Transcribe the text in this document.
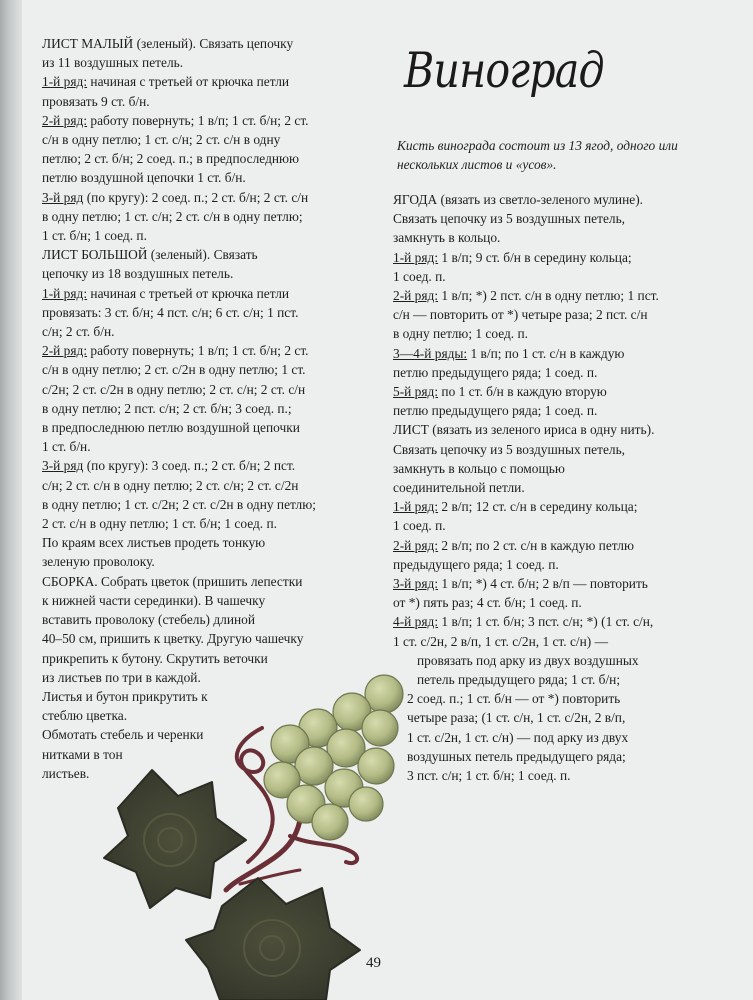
ЛИСТ МАЛЫЙ (зеленый). Связать цепочку

из 11 воздушных петель.

1-й ряд: начиная с третьей от крючка петли

провязать 9 ст. б/н.

2-й ряд: работу повернуть; 1 в/п; 1 ст. б/н; 2 ст.

с/н в одну петлю; 1 ст. с/н; 2 ст. с/н в одну

петлю; 2 ст. б/н; 2 соед. п.; в предпоследнюю

петлю воздушной цепочки 1 ст. б/н.

3-й ряд (по кругу): 2 соед. п.; 2 ст. б/н; 2 ст. с/н

в одну петлю; 1 ст. с/н; 2 ст. с/н в одну петлю;

1 ст. б/н; 1 соед. п.

ЛИСТ БОЛЬШОЙ (зеленый). Связать

цепочку из 18 воздушных петель.

1-й ряд: начиная с третьей от крючка петли

провязать: 3 ст. б/н; 4 пст. с/н; 6 ст. с/н; 1 пст.

с/н; 2 ст. б/н.

2-й ряд: работу повернуть; 1 в/п; 1 ст. б/н; 2 ст.

с/н в одну петлю; 2 ст. с/2н в одну петлю; 1 ст.

с/2н; 2 ст. с/2н в одну петлю; 2 ст. с/н; 2 ст. с/н

в одну петлю; 2 пст. с/н; 2 ст. б/н; 3 соед. п.;

в предпоследнюю петлю воздушной цепочки

1 ст. б/н.

3-й ряд (по кругу): 3 соед. п.; 2 ст. б/н; 2 пст.

с/н; 2 ст. с/н в одну петлю; 2 ст. с/н; 2 ст. с/2н

в одну петлю; 1 ст. с/2н; 2 ст. с/2н в одну петлю;

2 ст. с/н в одну петлю; 1 ст. б/н; 1 соед. п.

По краям всех листьев продеть тонкую

зеленую проволоку.

СБОРКА. Собрать цветок (пришить лепестки

к нижней части серединки). В чашечку

вставить проволоку (стебель) длиной

40–50 см, пришить к цветку. Другую чашечку

прикрепить к бутону. Скрутить веточки

из листьев по три в каждой.

Листья и бутон прикрутить к

стеблю цветка.

Обмотать стебель и черенки

нитками в тон

листьев.

Виноград

Кисть винограда состоит из 13 ягод, одного или

нескольких листов и «усов».

ЯГОДА (вязать из светло-зеленого мулине).

Связать цепочку из 5 воздушных петель,

замкнуть в кольцо.

1-й ряд: 1 в/п; 9 ст. б/н в середину кольца;

1 соед. п.

2-й ряд: 1 в/п; *) 2 пст. с/н в одну петлю; 1 пст.

с/н — повторить от *) четыре раза; 2 пст. с/н

в одну петлю; 1 соед. п.

3—4-й ряды: 1 в/п; по 1 ст. с/н в каждую

петлю предыдущего ряда; 1 соед. п.

5-й ряд: по 1 ст. б/н в каждую вторую

петлю предыдущего ряда; 1 соед. п.

ЛИСТ (вязать из зеленого ириса в одну нить).

Связать цепочку из 5 воздушных петель,

замкнуть в кольцо с помощью

соединительной петли.

1-й ряд: 2 в/п; 12 ст. с/н в середину кольца;

1 соед. п.

2-й ряд: 2 в/п; по 2 ст. с/н в каждую петлю

предыдущего ряда; 1 соед. п.

3-й ряд: 1 в/п; *) 4 ст. б/н; 2 в/п — повторить

от *) пять раз; 4 ст. б/н; 1 соед. п.

4-й ряд: 1 в/п; 1 ст. б/н; 3 пст. с/н; *) (1 ст. с/н,

1 ст. с/2н, 2 в/п, 1 ст. с/2н, 1 ст. с/н) —

провязать под арку из двух воздушных

петель предыдущего ряда; 1 ст. б/н;

2 соед. п.; 1 ст. б/н — от *) повторить

четыре раза; (1 ст. с/н, 1 ст. с/2н, 2 в/п,

1 ст. с/2н, 1 ст. с/н) — под арку из двух

воздушных петель предыдущего ряда;

3 пст. с/н; 1 ст. б/н; 1 соед. п.

49
